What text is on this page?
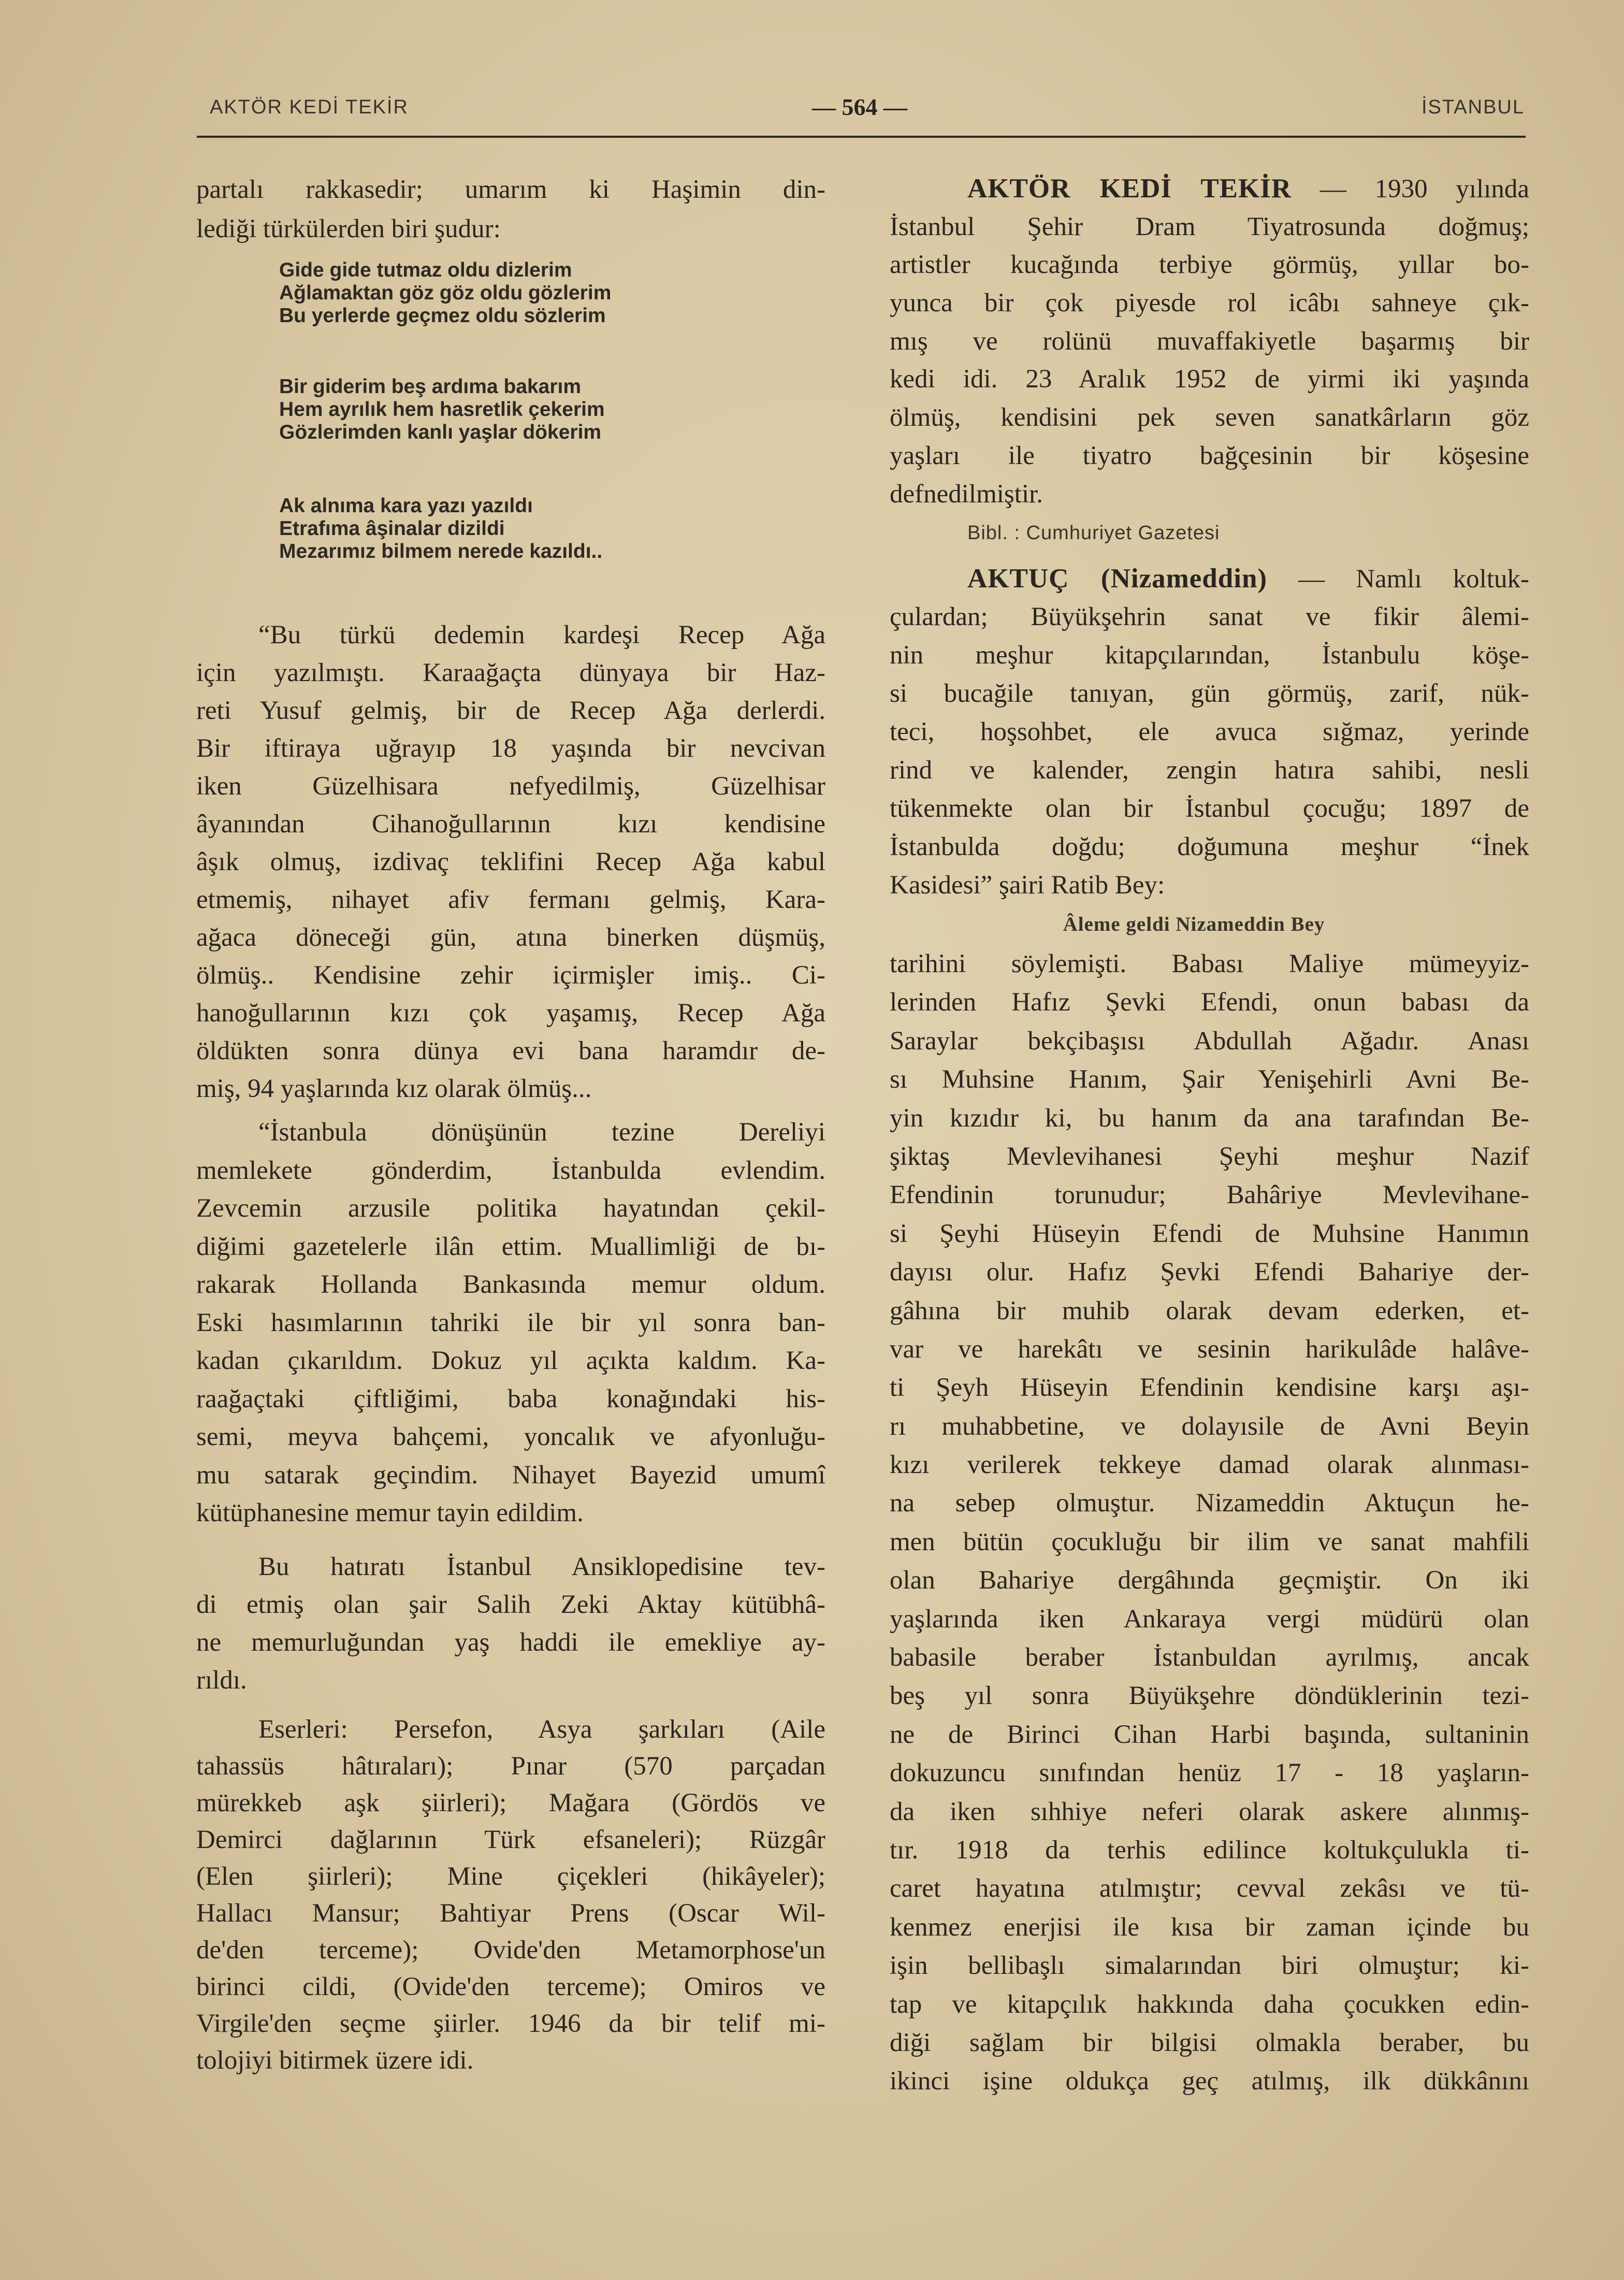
AKTÖR KEDİ TEKİR	— 564 —	İSTANBUL
partalı rakkasedir; umarım ki Haşimin din-
lediği türkülerden biri şudur:
Gide gide tutmaz oldu dizlerim
Ağlamaktan göz göz oldu gözlerim
Bu yerlerde geçmez oldu sözlerim
Bir giderim beş ardıma bakarım
Hem ayrılık hem hasretlik çekerim
Gözlerimden kanlı yaşlar dökerim
Ak alnıma kara yazı yazıldı
Etrafıma âşinalar dizildi
Mezarımız bilmem nerede kazıldı..
“Bu türkü dedemin kardeşi Recep Ağa
için yazılmıştı. Karaağaçta dünyaya bir Haz-
reti Yusuf gelmiş, bir de Recep Ağa derlerdi.
Bir iftiraya uğrayıp 18 yaşında bir nevcivan
iken Güzelhisara nefyedilmiş, Güzelhisar
âyanından Cihanoğullarının kızı kendisine
âşık olmuş, izdivaç teklifini Recep Ağa kabul
etmemiş, nihayet afiv fermanı gelmiş, Kara-
ağaca döneceği gün, atına binerken düşmüş,
ölmüş.. Kendisine zehir içirmişler imiş.. Ci-
hanoğullarının kızı çok yaşamış, Recep Ağa
öldükten sonra dünya evi bana haramdır de-
miş, 94 yaşlarında kız olarak ölmüş...
“İstanbula dönüşünün tezine Dereliyi
memlekete gönderdim, İstanbulda evlendim.
Zevcemin arzusile politika hayatından çekil-
diğimi gazetelerle ilân ettim. Muallimliği de bı-
rakarak Hollanda Bankasında memur oldum.
Eski hasımlarının tahriki ile bir yıl sonra ban-
kadan çıkarıldım. Dokuz yıl açıkta kaldım. Ka-
raağaçtaki çiftliğimi, baba konağındaki his-
semi, meyva bahçemi, yoncalık ve afyonluğu-
mu satarak geçindim. Nihayet Bayezid umumî
kütüphanesine memur tayin edildim.
Bu hatıratı İstanbul Ansiklopedisine tev-
di etmiş olan şair Salih Zeki Aktay kütübhâ-
ne memurluğundan yaş haddi ile emekliye ay-
rıldı.
Eserleri: Persefon, Asya şarkıları (Aile
tahassüs hâtıraları); Pınar (570 parçadan
mürekkeb aşk şiirleri); Mağara (Gördös ve
Demirci dağlarının Türk efsaneleri); Rüzgâr
(Elen şiirleri); Mine çiçekleri (hikâyeler);
Hallacı Mansur; Bahtiyar Prens (Oscar Wil-
de'den terceme); Ovide'den Metamorphose'un
birinci cildi, (Ovide'den terceme); Omiros ve
Virgile'den seçme şiirler. 1946 da bir telif mi-
tolojiyi bitirmek üzere idi.
AKTÖR KEDİ TEKİR — 1930 yılında
İstanbul Şehir Dram Tiyatrosunda doğmuş;
artistler kucağında terbiye görmüş, yıllar bo-
yunca bir çok piyesde rol icâbı sahneye çık-
mış ve rolünü muvaffakiyetle başarmış bir
kedi idi. 23 Aralık 1952 de yirmi iki yaşında
ölmüş, kendisini pek seven sanatkârların göz
yaşları ile tiyatro bağçesinin bir köşesine
defnedilmiştir.
Bibl. : Cumhuriyet Gazetesi
AKTUÇ (Nizameddin) — Namlı koltuk-
çulardan; Büyükşehrin sanat ve fikir âlemi-
nin meşhur kitapçılarından, İstanbulu köşe-
si bucağile tanıyan, gün görmüş, zarif, nük-
teci, hoşsohbet, ele avuca sığmaz, yerinde
rind ve kalender, zengin hatıra sahibi, nesli
tükenmekte olan bir İstanbul çocuğu; 1897 de
İstanbulda doğdu; doğumuna meşhur “İnek
Kasidesi” şairi Ratib Bey:
Âleme geldi Nizameddin Bey
tarihini söylemişti. Babası Maliye mümeyyiz-
lerinden Hafız Şevki Efendi, onun babası da
Saraylar bekçibaşısı Abdullah Ağadır. Anası
sı Muhsine Hanım, Şair Yenişehirli Avni Be-
yin kızıdır ki, bu hanım da ana tarafından Be-
şiktaş Mevlevihanesi Şeyhi meşhur Nazif
Efendinin torunudur; Bahâriye Mevlevihane-
si Şeyhi Hüseyin Efendi de Muhsine Hanımın
dayısı olur. Hafız Şevki Efendi Bahariye der-
gâhına bir muhib olarak devam ederken, et-
var ve harekâtı ve sesinin harikulâde halâve-
ti Şeyh Hüseyin Efendinin kendisine karşı aşı-
rı muhabbetine, ve dolayısile de Avni Beyin
kızı verilerek tekkeye damad olarak alınması-
na sebep olmuştur. Nizameddin Aktuçun he-
men bütün çocukluğu bir ilim ve sanat mahfili
olan Bahariye dergâhında geçmiştir. On iki
yaşlarında iken Ankaraya vergi müdürü olan
babasile beraber İstanbuldan ayrılmış, ancak
beş yıl sonra Büyükşehre döndüklerinin tezi-
ne de Birinci Cihan Harbi başında, sultaninin
dokuzuncu sınıfından henüz 17 - 18 yaşların-
da iken sıhhiye neferi olarak askere alınmış-
tır. 1918 da terhis edilince koltukçulukla ti-
caret hayatına atılmıştır; cevval zekâsı ve tü-
kenmez enerjisi ile kısa bir zaman içinde bu
işin bellibaşlı simalarından biri olmuştur; ki-
tap ve kitapçılık hakkında daha çocukken edin-
diği sağlam bir bilgisi olmakla beraber, bu
ikinci işine oldukça geç atılmış, ilk dükkânını
